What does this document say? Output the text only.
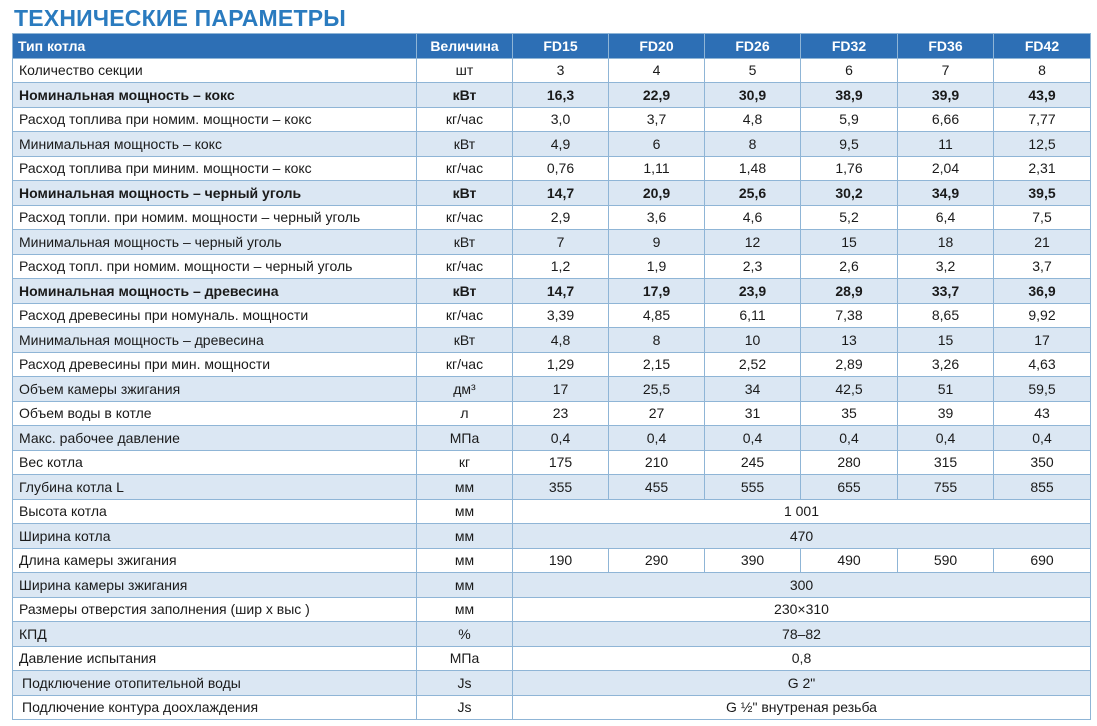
ТЕХНИЧЕСКИЕ ПАРАМЕТРЫ
Тип котла	Величина	FD15	FD20	FD26	FD32	FD36	FD42
Количество секции	шт	3	4	5	6	7	8
Номинальная мощность – кокс	кВт	16,3	22,9	30,9	38,9	39,9	43,9
Расход топлива при номим. мощности – кокс	кг/час	3,0	3,7	4,8	5,9	6,66	7,77
Минимальная мощность – кокс	кВт	4,9	6	8	9,5	11	12,5
Расход топлива при миним. мощности – кокс	кг/час	0,76	1,11	1,48	1,76	2,04	2,31
Номинальная мощность – черный уголь	кВт	14,7	20,9	25,6	30,2	34,9	39,5
Расход топли. при номим. мощности – черный уголь	кг/час	2,9	3,6	4,6	5,2	6,4	7,5
Минимальная мощность – черный уголь	кВт	7	9	12	15	18	21
Расход топл. при номим. мощности – черный уголь	кг/час	1,2	1,9	2,3	2,6	3,2	3,7
Номинальная мощность – древесина	кВт	14,7	17,9	23,9	28,9	33,7	36,9
Расход древесины при номуналь. мощности	кг/час	3,39	4,85	6,11	7,38	8,65	9,92
Минимальная мощность – древесина	кВт	4,8	8	10	13	15	17
Расход древесины при мин. мощности	кг/час	1,29	2,15	2,52	2,89	3,26	4,63
Объем камеры зжигания	дм³	17	25,5	34	42,5	51	59,5
Объем воды в котле	л	23	27	31	35	39	43
Макс. рабочее давление	МПа	0,4	0,4	0,4	0,4	0,4	0,4
Вес котла	кг	175	210	245	280	315	350
Глубина котла L	мм	355	455	555	655	755	855
Высота котла	мм	1 001					
Ширина котла	мм	470					
Длина камеры зжигания	мм	190	290	390	490	590	690
Ширина камеры зжигания	мм	300					
Размеры отверстия заполнения (шир х выс )	мм	230×310					
КПД	%	78–82					
Давление испытания	МПа	0,8					
Подключение отопительной воды	Js	G 2"					
Подлючение контура доохлаждения	Js	G ½" внутреная резьба					
